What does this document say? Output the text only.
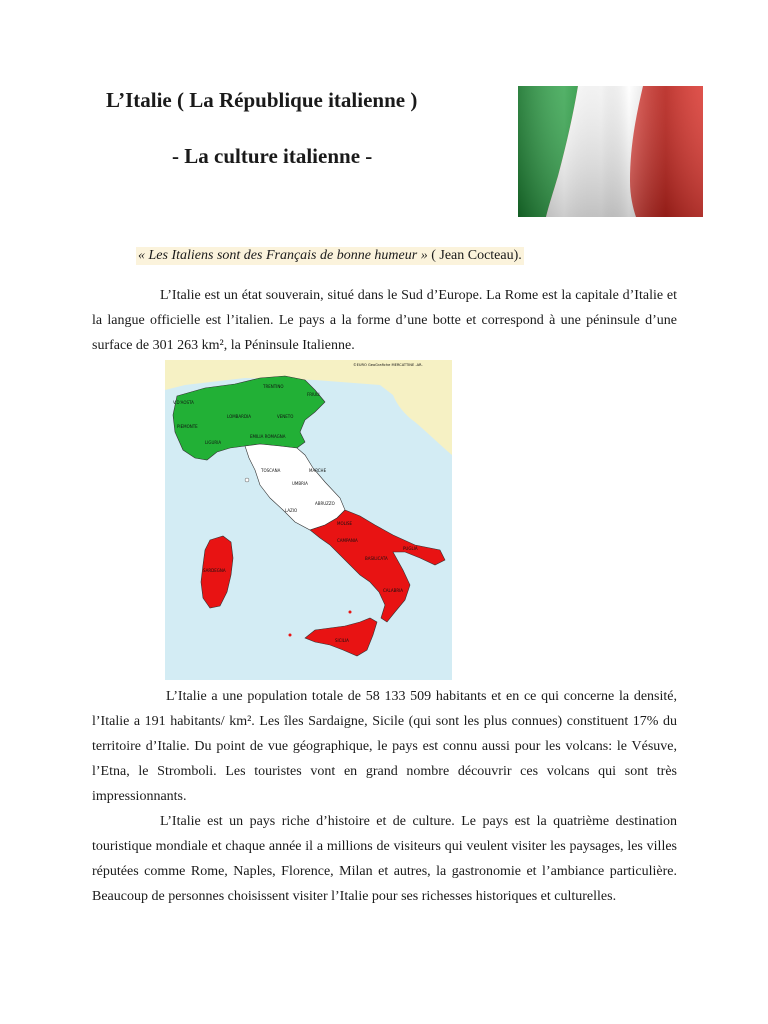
L’Italie ( La République italienne )
- La culture italienne -
« Les Italiens sont des Français de bonne humeur » ( Jean Cocteau).

L’Italie est un état souverain, situé dans le Sud d’Europe. La Rome est la capitale d’Italie et la langue officielle est l’italien. Le pays a la forme d’une botte et correspond à une péninsule d’une surface de 301 263 km², la Péninsule Italienne.

V.D'AOSTA
TRENTINO
FRIULI
LOMBARDIA	VENETO
PIEMONTE
LIGURIA
EMILIA ROMAGNA
TOSCANA	MARCHE
UMBRIA
LAZIO
ABRUZZO
MOLISE
CAMPANIA
PUGLIA
BASILICATA
CALABRIA
SICILIA
SARDEGNA
©EURO GeoGrafiche MERCATTINE -AR-

L’Italie a une population totale de 58 133 509 habitants et en ce qui concerne la densité, l’Italie a 191 habitants/ km². Les îles Sardaigne, Sicile (qui sont les plus connues) constituent 17% du territoire d’Italie. Du point de vue géographique, le pays est connu aussi pour les volcans: le Vésuve, l’Etna, le Stromboli. Les touristes vont en grand nombre découvrir ces volcans qui sont très impressionnants.

L’Italie est un pays riche d’histoire et de culture. Le pays est la quatrième destination touristique mondiale et chaque année il a millions de visiteurs qui veulent visiter les paysages, les villes réputées comme Rome, Naples, Florence, Milan et autres, la gastronomie et l’ambiance particulière. Beaucoup de personnes choisissent visiter l’Italie pour ses richesses historiques et culturelles.
